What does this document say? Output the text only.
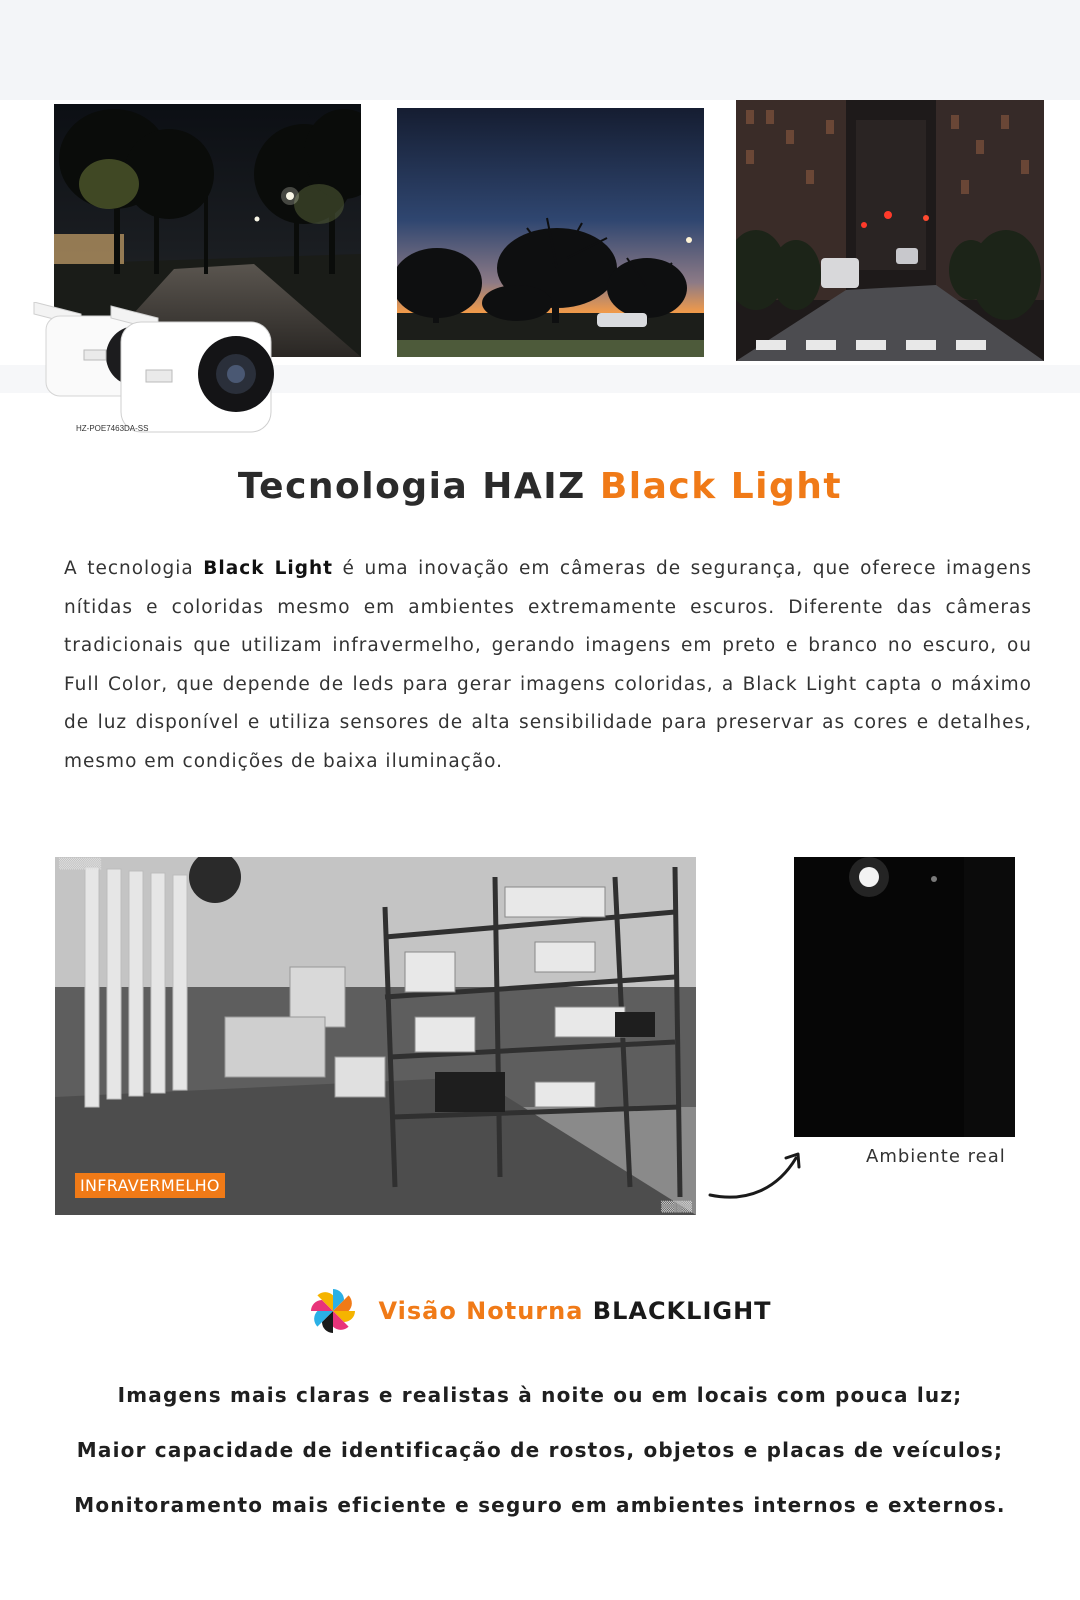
HZ-POE7463DA-SS
Tecnologia HAIZ Black Light

A tecnologia Black Light é uma inovação em câmeras de segurança, que oferece imagens nítidas e coloridas mesmo em ambientes extremamente escuros. Diferente das câmeras tradicionais que utilizam infravermelho, gerando imagens em preto e branco no escuro, ou Full Color, que depende de leds para gerar imagens coloridas, a Black Light capta o máximo de luz disponível e utiliza sensores de alta sensibilidade para preservar as cores e detalhes, mesmo em condições de baixa iluminação.

▒▒▒▒▒▒▒
▒▒▒▒
INFRAVERMELHO
Ambiente real
Visão Noturna BLACKLIGHT

Imagens mais claras e realistas à noite ou em locais com pouca luz;

Maior capacidade de identificação de rostos, objetos e placas de veículos;

Monitoramento mais eficiente e seguro em ambientes internos e externos.
